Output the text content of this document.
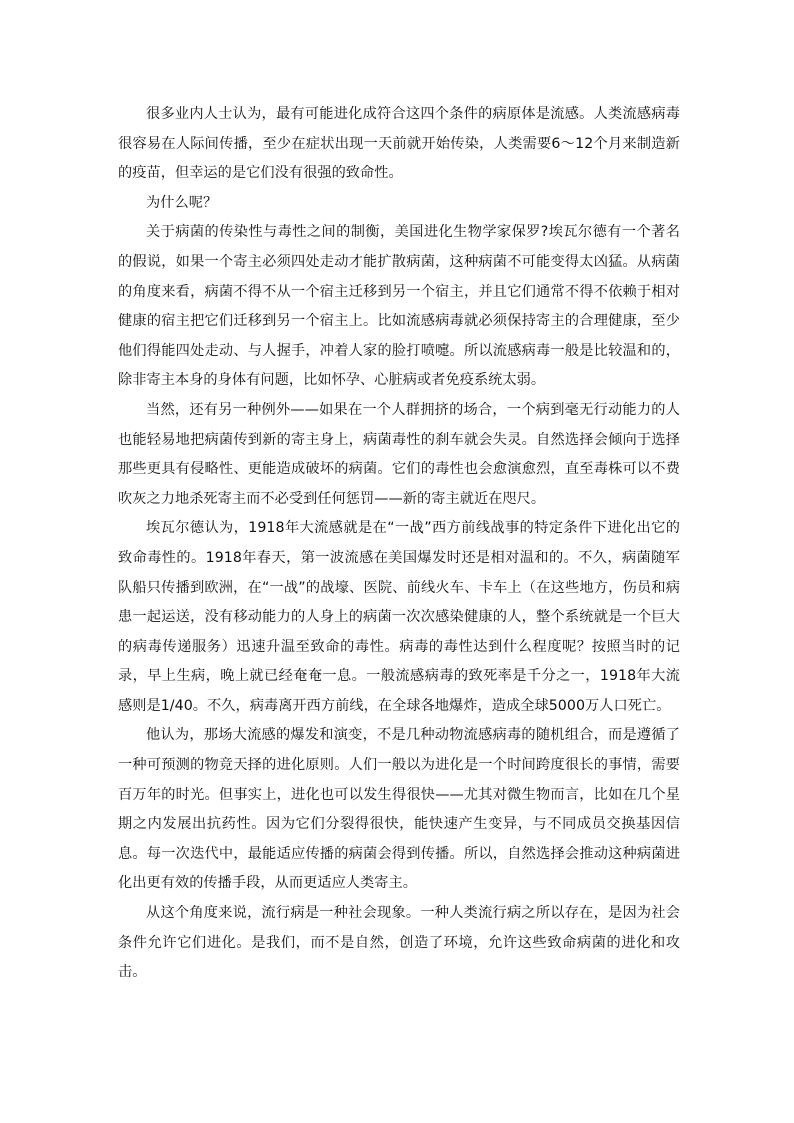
很多业内人士认为，最有可能进化成符合这四个条件的病原体是流感。人类流感病毒很容易在人际间传播，至少在症状出现一天前就开始传染，人类需要6～12个月来制造新的疫苗，但幸运的是它们没有很强的致命性。

为什么呢？

关于病菌的传染性与毒性之间的制衡，美国进化生物学家保罗?埃瓦尔德有一个著名的假说，如果一个寄主必须四处走动才能扩散病菌，这种病菌不可能变得太凶猛。从病菌的角度来看，病菌不得不从一个宿主迁移到另一个宿主，并且它们通常不得不依赖于相对健康的宿主把它们迁移到另一个宿主上。比如流感病毒就必须保持寄主的合理健康，至少他们得能四处走动、与人握手，冲着人家的脸打喷嚏。所以流感病毒一般是比较温和的，除非寄主本身的身体有问题，比如怀孕、心脏病或者免疫系统太弱。

当然，还有另一种例外——如果在一个人群拥挤的场合，一个病到毫无行动能力的人也能轻易地把病菌传到新的寄主身上，病菌毒性的刹车就会失灵。自然选择会倾向于选择那些更具有侵略性、更能造成破坏的病菌。它们的毒性也会愈演愈烈，直至毒株可以不费吹灰之力地杀死寄主而不必受到任何惩罚——新的寄主就近在咫尺。

埃瓦尔德认为，1918年大流感就是在“一战”西方前线战事的特定条件下进化出它的致命毒性的。1918年春天，第一波流感在美国爆发时还是相对温和的。不久，病菌随军队船只传播到欧洲，在“一战”的战壕、医院、前线火车、卡车上（在这些地方，伤员和病患一起运送，没有移动能力的人身上的病菌一次次感染健康的人，整个系统就是一个巨大的病毒传递服务）迅速升温至致命的毒性。病毒的毒性达到什么程度呢？按照当时的记录，早上生病，晚上就已经奄奄一息。一般流感病毒的致死率是千分之一，1918年大流感则是1/40。不久，病毒离开西方前线，在全球各地爆炸，造成全球5000万人口死亡。

他认为，那场大流感的爆发和演变，不是几种动物流感病毒的随机组合，而是遵循了一种可预测的物竞天择的进化原则。人们一般以为进化是一个时间跨度很长的事情，需要百万年的时光。但事实上，进化也可以发生得很快——尤其对微生物而言，比如在几个星期之内发展出抗药性。因为它们分裂得很快，能快速产生变异，与不同成员交换基因信息。每一次迭代中，最能适应传播的病菌会得到传播。所以，自然选择会推动这种病菌进化出更有效的传播手段，从而更适应人类寄主。

从这个角度来说，流行病是一种社会现象。一种人类流行病之所以存在，是因为社会条件允许它们进化。是我们，而不是自然，创造了环境，允许这些致命病菌的进化和攻击。
